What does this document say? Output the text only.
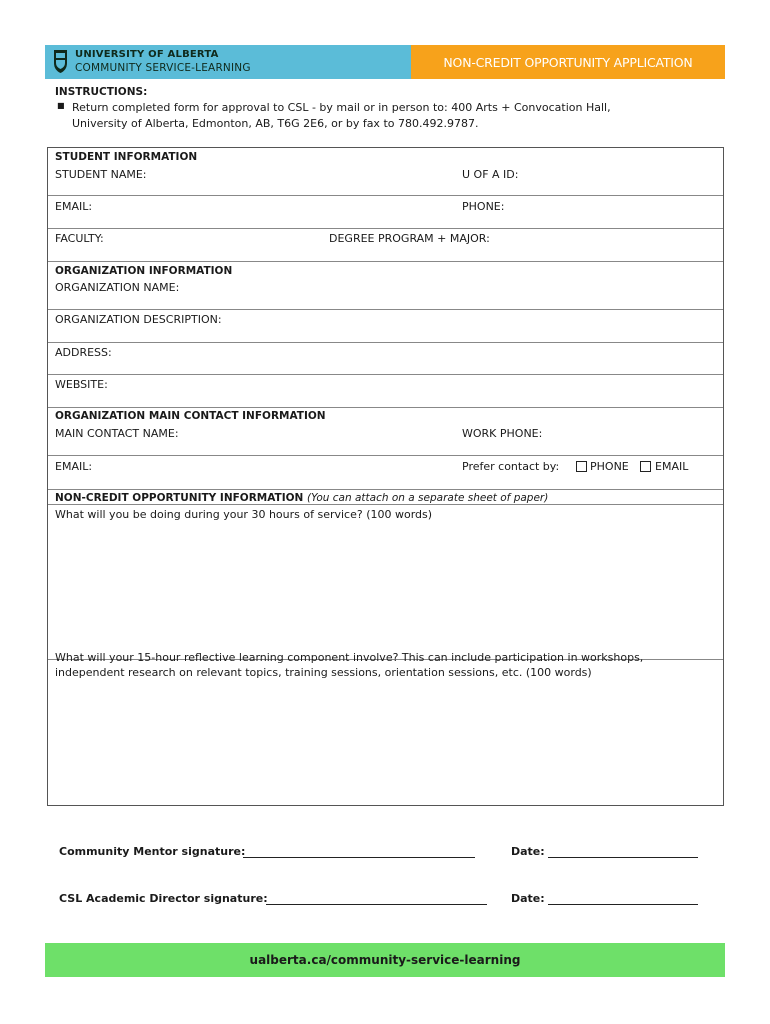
UNIVERSITY OF ALBERTA
COMMUNITY SERVICE-LEARNING	NON-CREDIT OPPORTUNITY APPLICATION
INSTRUCTIONS:
■ Return completed form for approval to CSL - by mail or in person to: 400 Arts + Convocation Hall,
University of Alberta, Edmonton, AB, T6G 2E6, or by fax to 780.492.9787.
STUDENT INFORMATION
STUDENT NAME:	U OF A ID:
EMAIL:	PHONE:
FACULTY:	DEGREE PROGRAM + MAJOR:
ORGANIZATION INFORMATION
ORGANIZATION NAME:
ORGANIZATION DESCRIPTION:
ADDRESS:
WEBSITE:
ORGANIZATION MAIN CONTACT INFORMATION
MAIN CONTACT NAME:	WORK PHONE:
EMAIL:	Prefer contact by:	PHONE EMAIL
NON-CREDIT OPPORTUNITY INFORMATION (You can attach on a separate sheet of paper)
What will you be doing during your 30 hours of service? (100 words)
What will your 15-hour reflective learning component involve? This can include participation in workshops,
independent research on relevant topics, training sessions, orientation sessions, etc. (100 words)
Community Mentor signature:	Date:
CSL Academic Director signature:	Date:
ualberta.ca/community-service-learning
